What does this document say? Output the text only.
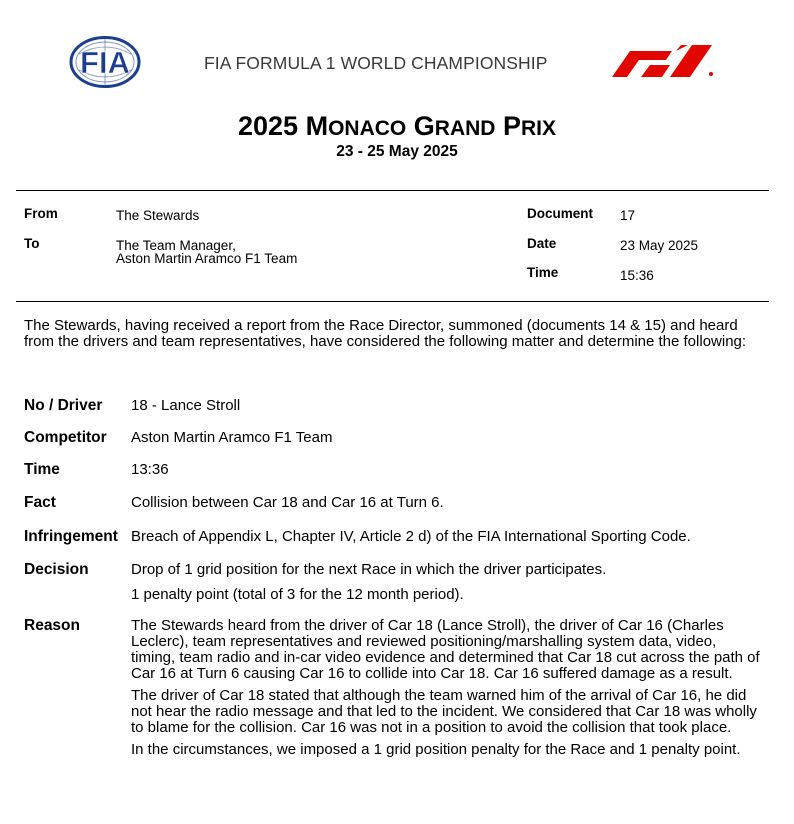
FIA	FIA FORMULA 1 WORLD CHAMPIONSHIP
2025 MONACO GRAND PRIX
23 - 25 May 2025
From	The Stewards
To	The Team Manager,
Aston Martin Aramco F1 Team
Document 17
Date	23 May 2025
Time	15:36
The Stewards, having received a report from the Race Director, summoned (documents 14 & 15) and heard from the drivers and team representatives, have considered the following matter and determine the following:
No / Driver 18 - Lance Stroll
Competitor Aston Martin Aramco F1 Team
Time	13:36
Fact	Collision between Car 18 and Car 16 at Turn 6.
Infringement Breach of Appendix L, Chapter IV, Article 2 d) of the FIA International Sporting Code.
Decision	Drop of 1 grid position for the next Race in which the driver participates.
1 penalty point (total of 3 for the 12 month period).
Reason	The Stewards heard from the driver of Car 18 (Lance Stroll), the driver of Car 16 (Charles Leclerc), team representatives and reviewed positioning/marshalling system data, video, timing, team radio and in-car video evidence and determined that Car 18 cut across the path of Car 16 at Turn 6 causing Car 16 to collide into Car 18. Car 16 suffered damage as a result.

The driver of Car 18 stated that although the team warned him of the arrival of Car 16, he did not hear the radio message and that led to the incident. We considered that Car 18 was wholly to blame for the collision. Car 16 was not in a position to avoid the collision that took place.

In the circumstances, we imposed a 1 grid position penalty for the Race and 1 penalty point.
